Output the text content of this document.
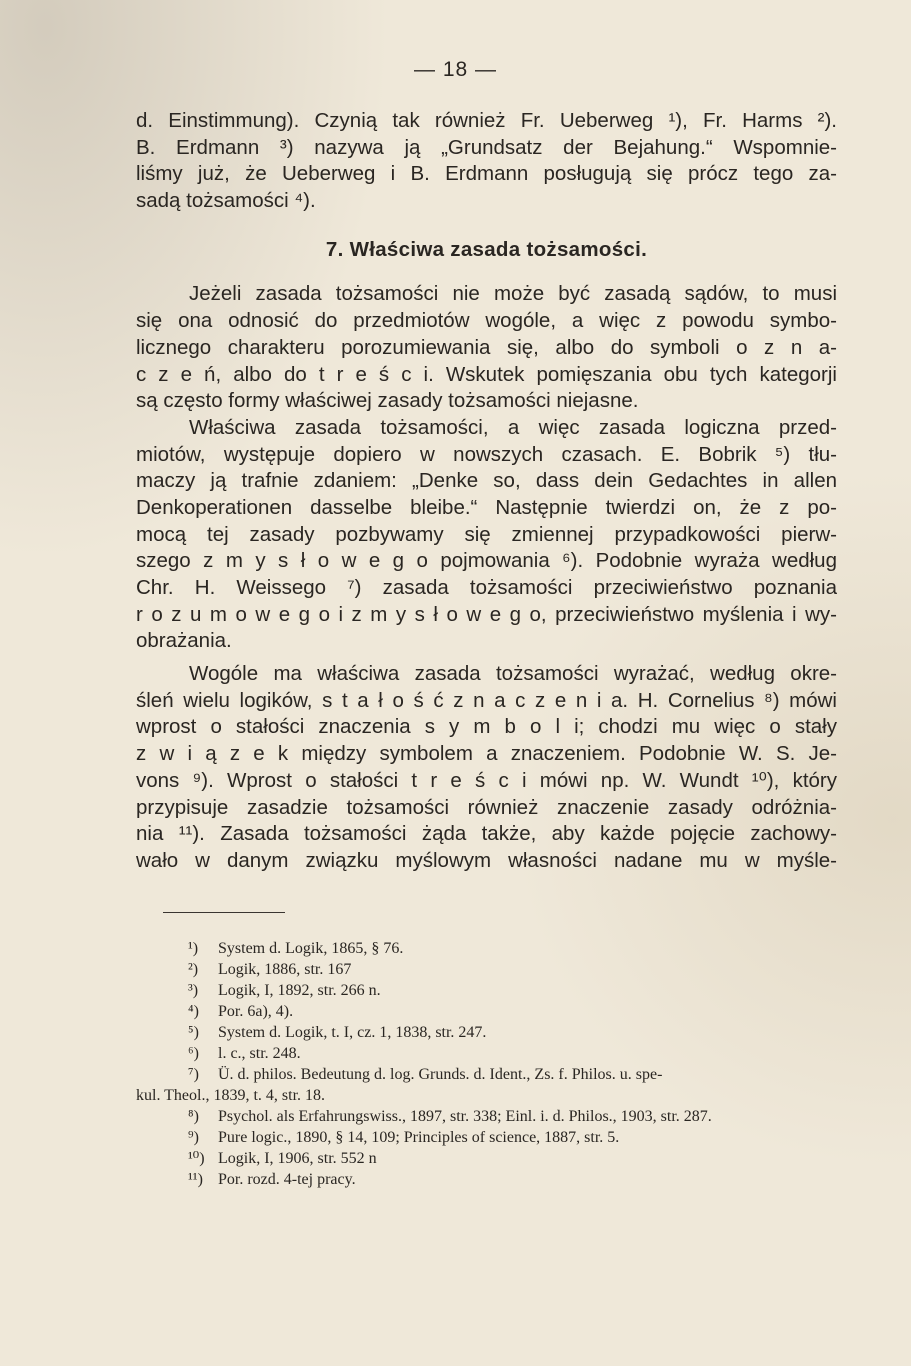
— 18 —
d. Einstimmung). Czynią tak również Fr. Ueberweg ¹), Fr. Harms ²).
B. Erdmann ³) nazywa ją „Grundsatz der Bejahung.“ Wspomnie-
liśmy już, że Ueberweg i B. Erdmann posługują się prócz tego za-
sadą tożsamości ⁴).
7. Właściwa zasada tożsamości.
Jeżeli zasada tożsamości nie może być zasadą sądów, to musi
się ona odnosić do przedmiotów wogóle, a więc z powodu symbo-
licznego charakteru porozumiewania się, albo do symboli o z n a-
c z e ń, albo do t r e ś c i. Wskutek pomięszania obu tych kategorji
są często formy właściwej zasady tożsamości niejasne.
Właściwa zasada tożsamości, a więc zasada logiczna przed-
miotów, występuje dopiero w nowszych czasach. E. Bobrik ⁵) tłu-
maczy ją trafnie zdaniem: „Denke so, dass dein Gedachtes in allen
Denkoperationen dasselbe bleibe.“ Następnie twierdzi on, że z po-
mocą tej zasady pozbywamy się zmiennej przypadkowości pierw-
szego z m y s ł o w e g o pojmowania ⁶). Podobnie wyraża według
Chr. H. Weissego ⁷) zasada tożsamości przeciwieństwo poznania
r o z u m o w e g o i z m y s ł o w e g o, przeciwieństwo myślenia i wy-
obrażania.
Wogóle ma właściwa zasada tożsamości wyrażać, według okre-
śleń wielu logików, s t a ł o ś ć z n a c z e n i a. H. Cornelius ⁸) mówi
wprost o stałości znaczenia s y m b o l i; chodzi mu więc o stały
z w i ą z e k między symbolem a znaczeniem. Podobnie W. S. Je-
vons ⁹). Wprost o stałości t r e ś c i mówi np. W. Wundt ¹⁰), który
przypisuje zasadzie tożsamości również znaczenie zasady odróżnia-
nia ¹¹). Zasada tożsamości żąda także, aby każde pojęcie zachowy-
wało w danym związku myślowym własności nadane mu w myśle-
¹) System d. Logik, 1865, § 76.
²) Logik, 1886, str. 167
³) Logik, I, 1892, str. 266 n.
⁴) Por. 6a), 4).
⁵) System d. Logik, t. I, cz. 1, 1838, str. 247.
⁶) l. c., str. 248.
⁷) Ü. d. philos. Bedeutung d. log. Grunds. d. Ident., Zs. f. Philos. u. spe-
kul. Theol., 1839, t. 4, str. 18.
⁸) Psychol. als Erfahrungswiss., 1897, str. 338; Einl. i. d. Philos., 1903, str. 287.
⁹) Pure logic., 1890, § 14, 109; Principles of science, 1887, str. 5.
¹⁰) Logik, I, 1906, str. 552 n
¹¹) Por. rozd. 4-tej pracy.
